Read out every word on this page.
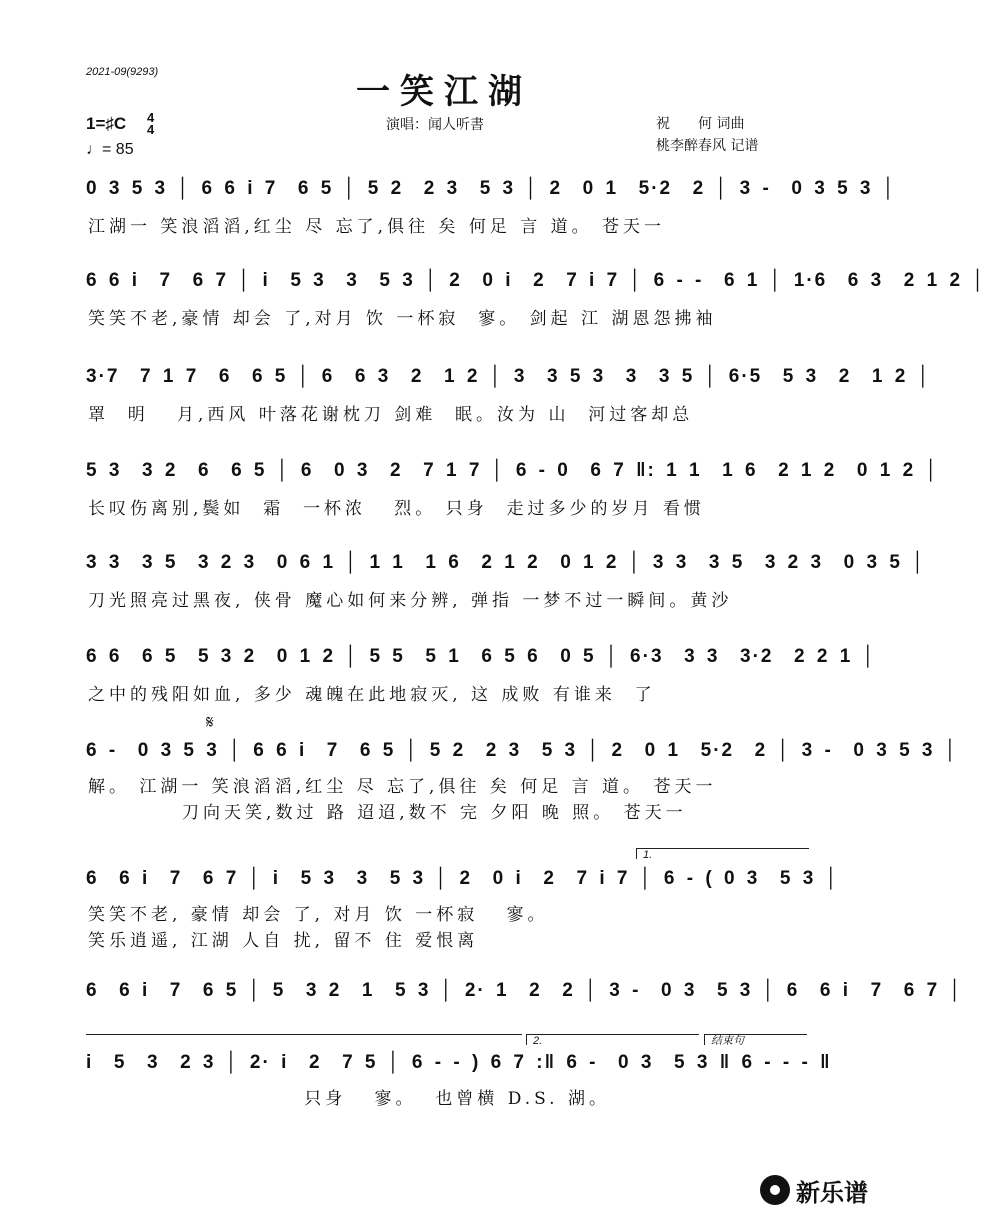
2021-09(9293)	一笑江湖
演唱：闻人听書	祝　　何 词曲
桃李醉春风 记谱
1=♯C 4
4
♩= 85
0 3 5 3 │ 6 6 i 7  6 5 │ 5 2  2 3  5 3 │ 2  0 1  5·2  2 │ 3 -  0 3 5 3 │
江湖一 笑浪滔滔,红尘 尽 忘了,俱往 矣 何足 言 道。 苍天一
6 6 i  7  6 7 │ i  5 3  3  5 3 │ 2  0 i  2  7 i 7 │ 6 - -  6 1 │ 1·6  6 3  2 1 2 │
笑笑不老,豪情 却会 了,对月 饮 一杯寂  寥。 剑起 江 湖恩怨拂袖
3·7  7 1 7  6  6 5 │ 6  6 3  2  1 2 │ 3  3 5 3  3  3 5 │ 6·5  5 3  2  1 2 │
罩  明   月,西风 叶落花谢枕刀 剑难  眠。汝为 山  河过客却总
5 3  3 2  6  6 5 │ 6  0 3  2  7 1 7 │ 6 - 0  6 7 ‖: 1 1  1 6  2 1 2  0 1 2 │
长叹伤离别,鬓如  霜  一杯浓   烈。 只身  走过多少的岁月 看惯
3 3  3 5  3 2 3  0 6 1 │ 1 1  1 6  2 1 2  0 1 2 │ 3 3  3 5  3 2 3  0 3 5 │
刀光照亮过黑夜, 侠骨 魔心如何来分辨, 弹指 一梦不过一瞬间。黄沙
6 6  6 5  5 3 2  0 1 2 │ 5 5  5 1  6 5 6  0 5 │ 6·3  3 3  3·2  2 2 1 │
之中的残阳如血, 多少 魂魄在此地寂灭, 这 成败 有谁来  了
𝄋
6 -  0 3 5 3 │ 6 6 i  7  6 5 │ 5 2  2 3  5 3 │ 2  0 1  5·2  2 │ 3 -  0 3 5 3 │
解。 江湖一 笑浪滔滔,红尘 尽 忘了,俱往 矣 何足 言 道。 苍天一
刀向天笑,数过 路 迢迢,数不 完 夕阳 晚 照。 苍天一
1.
6  6 i  7  6 7 │ i  5 3  3  5 3 │ 2  0 i  2  7 i 7 │ 6 - ( 0 3  5 3 │
笑笑不老, 豪情 却会 了, 对月 饮 一杯寂   寥。
笑乐逍遥, 江湖 人自 扰, 留不 住 爱恨离
6  6 i  7  6 5 │ 5  3 2  1  5 3 │ 2· 1  2  2 │ 3 -  0 3  5 3 │ 6  6 i  7  6 7 │
2.	结束句
i  5  3  2 3 │ 2· i  2  7 5 │ 6 - - ) 6 7 :‖ 6 -  0 3  5 3 ‖ 6 - - - ‖
只身   寥。  也曾横 D.S. 湖。
新乐谱
